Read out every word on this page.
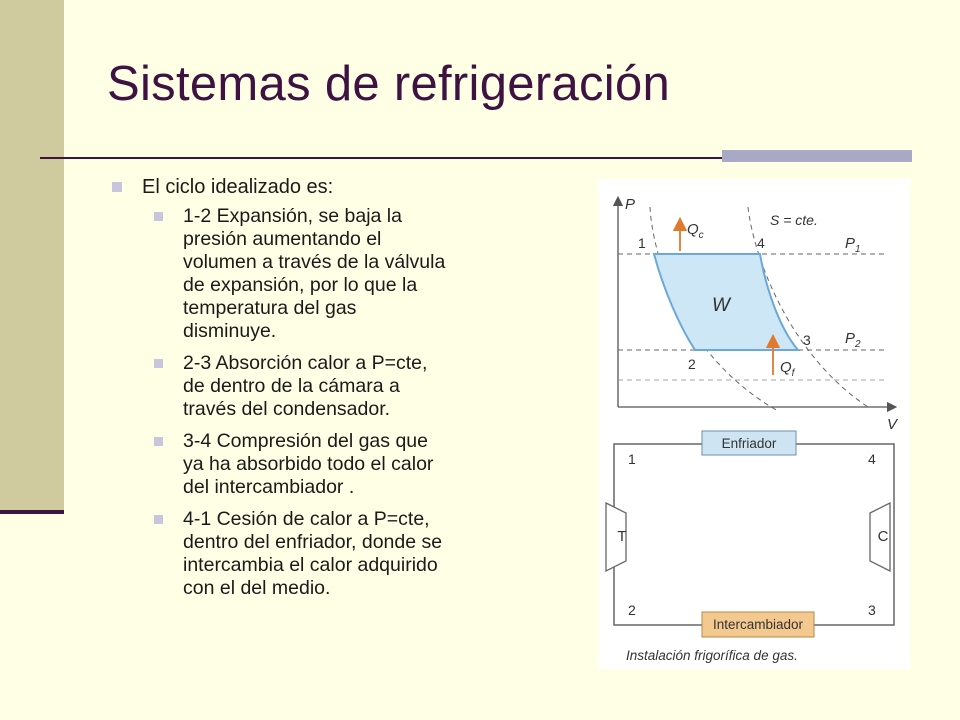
Sistemas de refrigeración
El ciclo idealizado es:
1-2 Expansión, se baja la
presión aumentando el
volumen a través de la válvula
de expansión, por lo que la
temperatura del gas
disminuye.
2-3 Absorción calor a P=cte,
de dentro de la cámara a
través del condensador.
3-4 Compresión del gas que
ya ha absorbido todo el calor
del intercambiador .
4-1 Cesión de calor a P=cte,
dentro del enfriador, donde se
intercambia el calor adquirido
con el del medio.
P
V
1	4
3
2
$Q_c$
$Q_f$
S = cte.
$P_1$
$P_2$
W
Enfriador
Intercambiador
T	C
1	4
2	3
Instalación frigorífica de gas.
